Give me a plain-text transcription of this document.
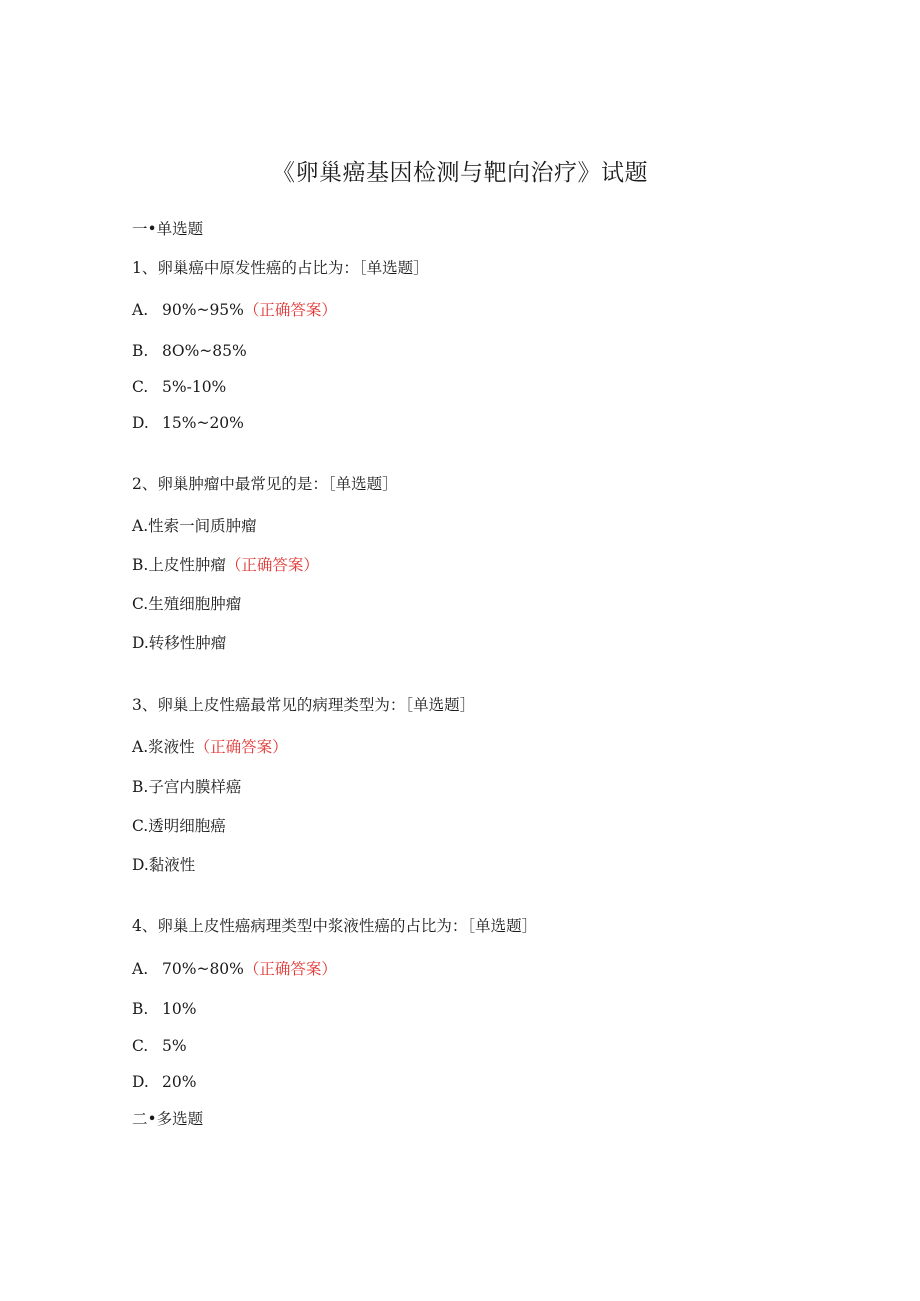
《卵巢癌基因检测与靶向治疗》试题
一•单选题
1、卵巢癌中原发性癌的占比为：［单选题］
A. 90%~95%（正确答案）
B. 8O%~85%
C. 5%-10%
D. 15%~20%
2、卵巢肿瘤中最常见的是：［单选题］
A.性索一间质肿瘤
B.上皮性肿瘤（正确答案）
C.生殖细胞肿瘤
D.转移性肿瘤
3、卵巢上皮性癌最常见的病理类型为：［单选题］
A.浆液性（正确答案）
B.子宫内膜样癌
C.透明细胞癌
D.黏液性
4、卵巢上皮性癌病理类型中浆液性癌的占比为：［单选题］
A. 70%~80%（正确答案）
B. 10%
C. 5%
D. 20%
二•多选题
